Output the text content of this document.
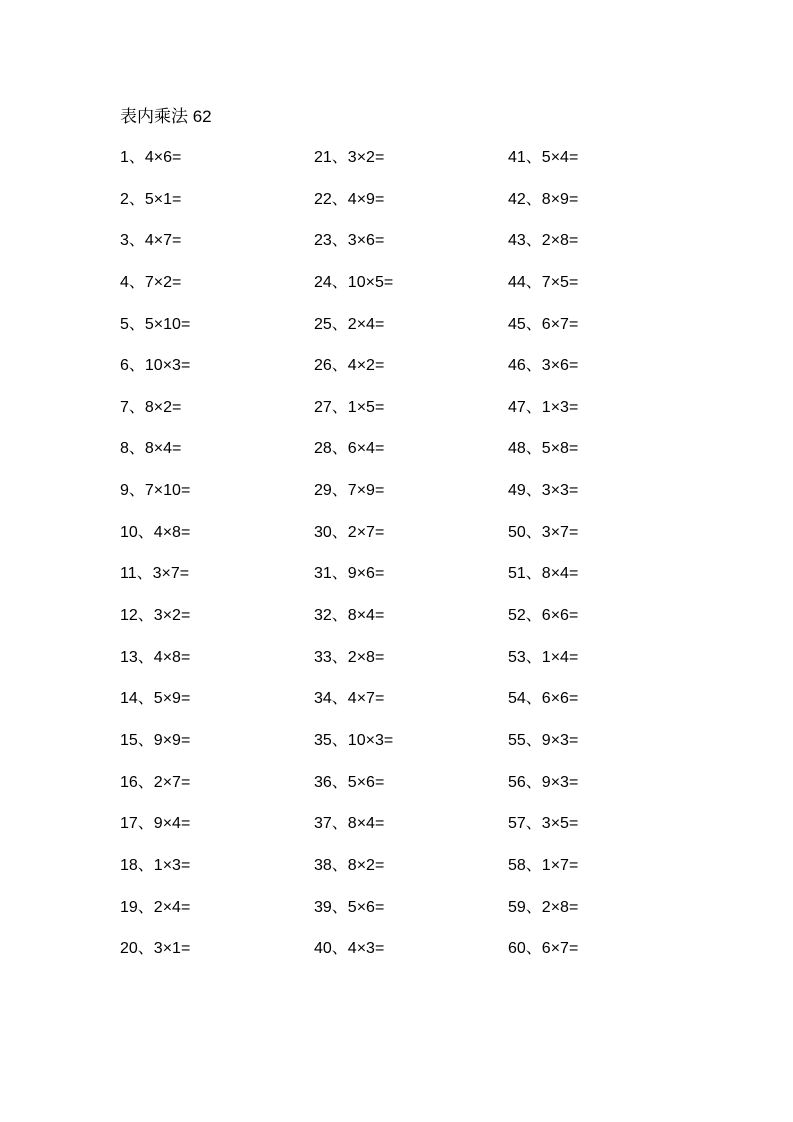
表内乘法 62
1、4×6=
2、5×1=
3、4×7=
4、7×2=
5、5×10=
6、10×3=
7、8×2=
8、8×4=
9、7×10=
10、4×8=
11、3×7=
12、3×2=
13、4×8=
14、5×9=
15、9×9=
16、2×7=
17、9×4=
18、1×3=
19、2×4=
20、3×1=
21、3×2=
22、4×9=
23、3×6=
24、10×5=
25、2×4=
26、4×2=
27、1×5=
28、6×4=
29、7×9=
30、2×7=
31、9×6=
32、8×4=
33、2×8=
34、4×7=
35、10×3=
36、5×6=
37、8×4=
38、8×2=
39、5×6=
40、4×3=
41、5×4=
42、8×9=
43、2×8=
44、7×5=
45、6×7=
46、3×6=
47、1×3=
48、5×8=
49、3×3=
50、3×7=
51、8×4=
52、6×6=
53、1×4=
54、6×6=
55、9×3=
56、9×3=
57、3×5=
58、1×7=
59、2×8=
60、6×7=
